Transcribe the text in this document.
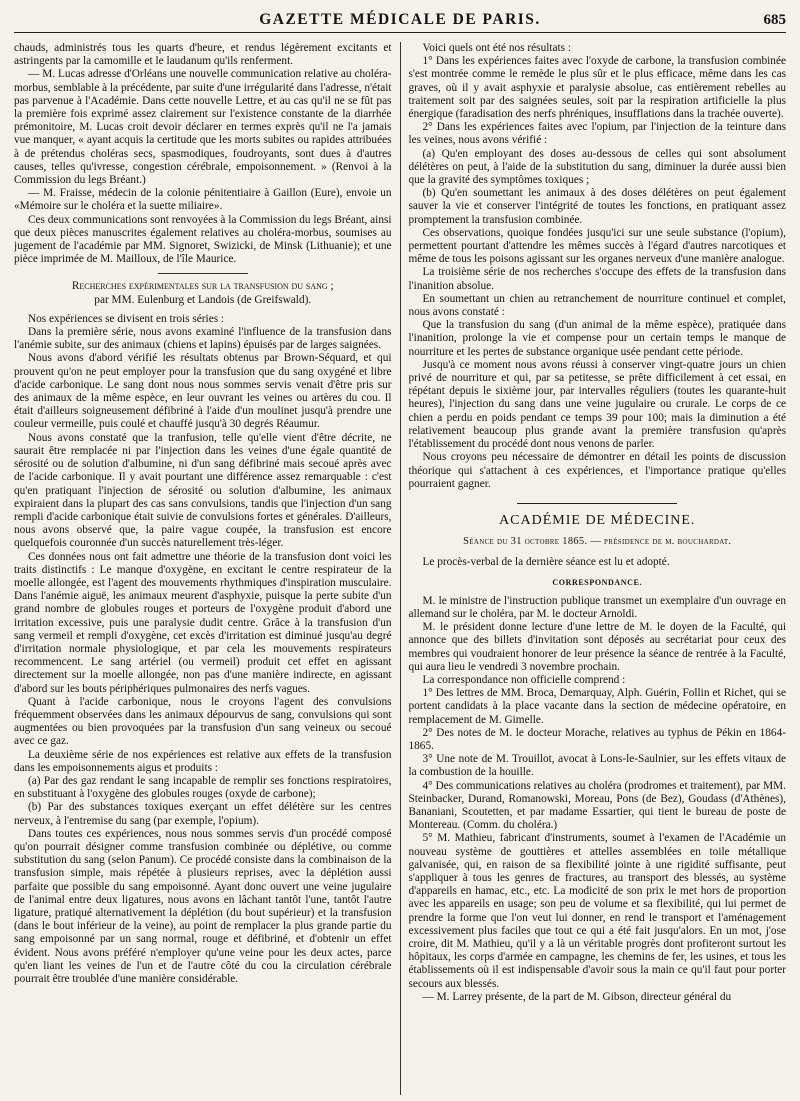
GAZETTE MÉDICALE DE PARIS.	685

chauds, administrés tous les quarts d'heure, et rendus légèrement excitants et astringents par la camomille et le laudanum qu'ils renferment.

— M. Lucas adresse d'Orléans une nouvelle communication relative au choléra-morbus, semblable à la précédente, par suite d'une irrégularité dans l'adresse, n'était pas parvenue à l'Académie. Dans cette nouvelle Lettre, et au cas qu'il ne se fût pas la première fois exprimé assez clairement sur l'existence constante de la diarrhée prémonitoire, M. Lucas croit devoir déclarer en termes exprès qu'il ne l'a jamais vue manquer, « ayant acquis la certitude que les morts subites ou rapides attribuées à de prétendus choléras secs, spasmodiques, foudroyants, sont dues à d'autres causes, telles qu'ivresse, congestion cérébrale, empoisonnement. » (Renvoi à la Commission du legs Bréant.)

— M. Fraisse, médecin de la colonie pénitentiaire à Gaillon (Eure), envoie un «Mémoire sur le choléra et la suette miliaire».

Ces deux communications sont renvoyées à la Commission du legs Bréant, ainsi que deux pièces manuscrites également relatives au choléra-morbus, soumises au jugement de l'académie par MM. Signoret, Swizicki, de Minsk (Lithuanie); et une pièce imprimée de M. Mailloux, de l'île Maurice.

Recherches expérimentales sur la transfusion du sang ;

par MM. Eulenburg et Landois (de Greifswald).

Nos expériences se divisent en trois séries :

Dans la première série, nous avons examiné l'influence de la transfusion dans l'anémie subite, sur des animaux (chiens et lapins) épuisés par de larges saignées.

Nous avons d'abord vérifié les résultats obtenus par Brown-Séquard, et qui prouvent qu'on ne peut employer pour la transfusion que du sang oxygéné et libre d'acide carbonique. Le sang dont nous nous sommes servis venait d'être pris sur des animaux de la même espèce, en leur ouvrant les veines ou artères du cou. Il était d'ailleurs soigneusement défibriné à l'aide d'un moulinet jusqu'à prendre une couleur vermeille, puis coulé et chauffé jusqu'à 30 degrés Réaumur.

Nous avons constaté que la tranfusion, telle qu'elle vient d'être décrite, ne saurait être remplacée ni par l'injection dans les veines d'une égale quantité de sérosité ou de solution d'albumine, ni d'un sang défibriné mais secoué après avec de l'acide carbonique. Il y avait pourtant une différence assez remarquable : c'est qu'en pratiquant l'injection de sérosité ou solution d'albumine, les animaux expiraient dans la plupart des cas sans convulsions, tandis que l'injection d'un sang rempli d'acide carbonique était suivie de convulsions fortes et générales. D'ailleurs, nous avons observé que, la paire vague coupée, la transfusion est encore quelquefois couronnée d'un succès naturellement très-léger.

Ces données nous ont fait admettre une théorie de la transfusion dont voici les traits distinctifs : Le manque d'oxygène, en excitant le centre respirateur de la moelle allongée, est l'agent des mouvements rhythmiques d'inspiration musculaire. Dans l'anémie aiguë, les animaux meurent d'asphyxie, puisque la perte subite d'un grand nombre de globules rouges et porteurs de l'oxygène produit d'abord une irritation excessive, puis une paralysie dudit centre. Grâce à la transfusion d'un sang vermeil et rempli d'oxygène, cet excès d'irritation est diminué jusqu'au degré d'irritation normale physiologique, et par cela les mouvements respirateurs recommencent. Le sang artériel (ou vermeil) produit cet effet en agissant directement sur la moelle allongée, non pas d'une manière indirecte, en agissant d'abord sur les bouts périphériques pulmonaires des nerfs vagues.

Quant à l'acide carbonique, nous le croyons l'agent des convulsions fréquemment observées dans les animaux dépourvus de sang, convulsions qui sont augmentées ou bien provoquées par la transfusion d'un sang veineux ou secoué avec ce gaz.

La deuxième série de nos expériences est relative aux effets de la transfusion dans les empoisonnements aigus et produits :

(a) Par des gaz rendant le sang incapable de remplir ses fonctions respiratoires, en substituant à l'oxygène des globules rouges (oxyde de carbone);

(b) Par des substances toxiques exerçant un effet délétère sur les centres nerveux, à l'entremise du sang (par exemple, l'opium).

Dans toutes ces expériences, nous nous sommes servis d'un procédé composé qu'on pourrait désigner comme transfusion combinée ou déplétive, ou comme substitution du sang (selon Panum). Ce procédé consiste dans la combinaison de la transfusion simple, mais répétée à plusieurs reprises, avec la déplétion aussi parfaite que possible du sang empoisonné. Ayant donc ouvert une veine jugulaire de l'animal entre deux ligatures, nous avons en lâchant tantôt l'une, tantôt l'autre ligature, pratiqué alternativement la déplétion (du bout supérieur) et la transfusion (dans le bout inférieur de la veine), au point de remplacer la plus grande partie du sang empoisonné par un sang normal, rouge et défibriné, et d'obtenir un effet évident. Nous avons préféré n'employer qu'une veine pour les deux actes, parce qu'en liant les veines de l'un et de l'autre côté du cou la circulation cérébrale pourrait être troublée d'une manière considérable.

Voici quels ont été nos résultats :

1° Dans les expériences faites avec l'oxyde de carbone, la transfusion combinée s'est montrée comme le remède le plus sûr et le plus efficace, même dans les cas graves, où il y avait asphyxie et paralysie absolue, cas entièrement rebelles au traitement soit par des saignées seules, soit par la respiration artificielle la plus énergique (faradisation des nerfs phréniques, insufflations dans la trachée ouverte).

2° Dans les expériences faites avec l'opium, par l'injection de la teinture dans les veines, nous avons vérifié :

(a) Qu'en employant des doses au-dessous de celles qui sont absolument délétères on peut, à l'aide de la substitution du sang, diminuer la durée aussi bien que la gravité des symptômes toxiques ;

(b) Qu'en soumettant les animaux à des doses délétères on peut également sauver la vie et conserver l'intégrité de toutes les fonctions, en pratiquant assez promptement la transfusion combinée.

Ces observations, quoique fondées jusqu'ici sur une seule substance (l'opium), permettent pourtant d'attendre les mêmes succès à l'égard d'autres narcotiques et même de tous les poisons agissant sur les organes nerveux d'une manière analogue.

La troisième série de nos recherches s'occupe des effets de la transfusion dans l'inanition absolue.

En soumettant un chien au retranchement de nourriture continuel et complet, nous avons constaté :

Que la transfusion du sang (d'un animal de la même espèce), pratiquée dans l'inanition, prolonge la vie et compense pour un certain temps le manque de nourriture et les pertes de substance organique usée pendant cette période.

Jusqu'à ce moment nous avons réussi à conserver vingt-quatre jours un chien privé de nourriture et qui, par sa petitesse, se prête difficilement à cet essai, en répétant depuis le sixième jour, par intervalles réguliers (toutes les quarante-huit heures), l'injection du sang dans une veine jugulaire ou crurale. Le corps de ce chien a perdu en poids pendant ce temps 39 pour 100; mais la diminution a été relativement beaucoup plus grande avant la première transfusion qu'après l'établissement du procédé dont nous venons de parler.

Nous croyons peu nécessaire de démontrer en détail les points de discussion théorique qui s'attachent à ces expériences, et l'importance pratique qu'elles pourraient gagner.

ACADÉMIE DE MÉDECINE.

Séance du 31 octobre 1865. — présidence de m. bouchardat.

Le procès-verbal de la dernière séance est lu et adopté.

CORRESPONDANCE.

M. le ministre de l'instruction publique transmet un exemplaire d'un ouvrage en allemand sur le choléra, par M. le docteur Arnoldi.

M. le président donne lecture d'une lettre de M. le doyen de la Faculté, qui annonce que des billets d'invitation sont déposés au secrétariat pour ceux des membres qui voudraient honorer de leur présence la séance de rentrée à la Faculté, qui aura lieu le vendredi 3 novembre prochain.

La correspondance non officielle comprend :

1° Des lettres de MM. Broca, Demarquay, Alph. Guérin, Follin et Richet, qui se portent candidats à la place vacante dans la section de médecine opératoire, en remplacement de M. Gimelle.

2° Des notes de M. le docteur Morache, relatives au typhus de Pékin en 1864-1865.

3° Une note de M. Trouillot, avocat à Lons-le-Saulnier, sur les effets vitaux de la combustion de la houille.

4° Des communications relatives au choléra (prodromes et traitement), par MM. Steinbacker, Durand, Romanowski, Moreau, Pons (de Bez), Goudass (d'Athènes), Bananiani, Scoutetten, et par madame Essartier, qui tient le bureau de poste de Montereau. (Comm. du choléra.)

5° M. Mathieu, fabricant d'instruments, soumet à l'examen de l'Académie un nouveau système de gouttières et attelles assemblées en toile métallique galvanisée, qui, en raison de sa flexibilité jointe à une rigidité suffisante, peut s'appliquer à tous les genres de fractures, au transport des blessés, au système d'appareils en hamac, etc., etc. La modicité de son prix le met hors de proportion avec les appareils en usage; son peu de volume et sa flexibilité, qui lui permet de prendre la forme que l'on veut lui donner, en rend le transport et l'aménagement excessivement plus faciles que tout ce qui a été fait jusqu'alors. En un mot, j'ose croire, dit M. Mathieu, qu'il y a là un véritable progrès dont profiteront surtout les hôpitaux, les corps d'armée en campagne, les chemins de fer, les usines, et tous les établissements où il est indispensable d'avoir sous la main ce qu'il faut pour porter secours aux blessés.

— M. Larrey présente, de la part de M. Gibson, directeur général du
